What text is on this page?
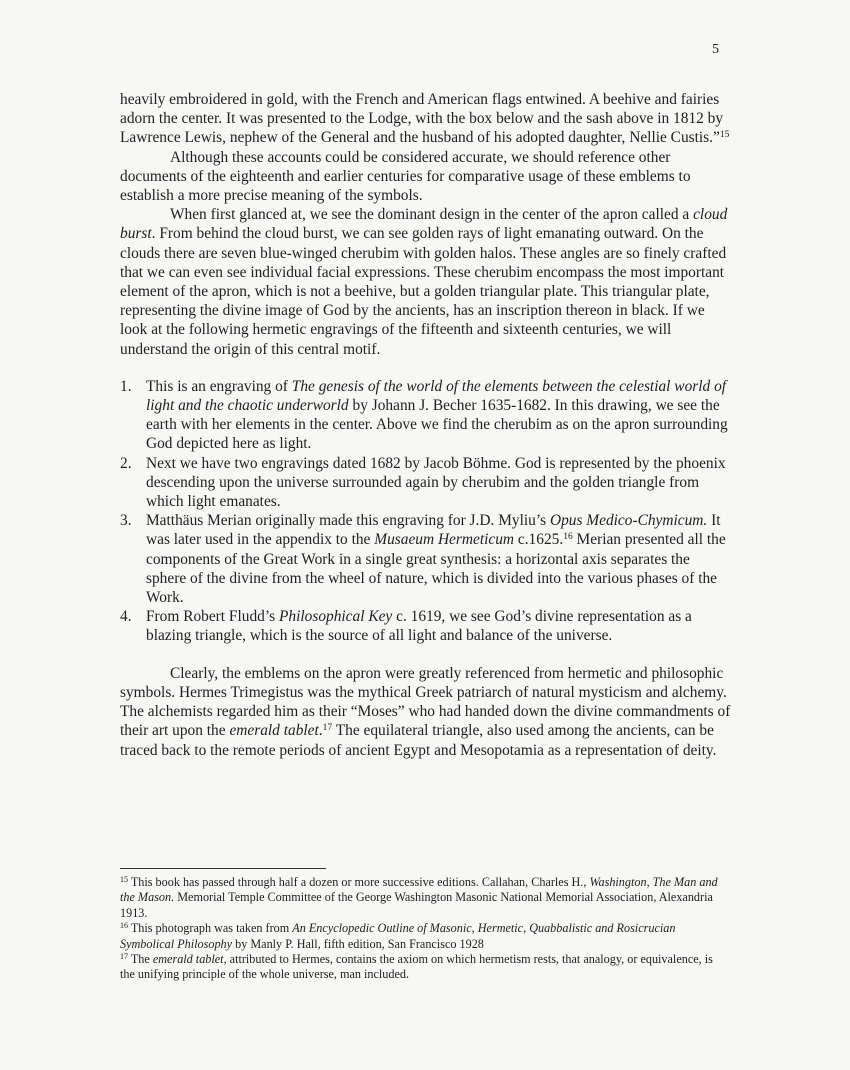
5

heavily embroidered in gold, with the French and American flags entwined. A beehive and fairies adorn the center. It was presented to the Lodge, with the box below and the sash above in 1812 by Lawrence Lewis, nephew of the General and the husband of his adopted daughter, Nellie Custis.”$^{15}$

Although these accounts could be considered accurate, we should reference other documents of the eighteenth and earlier centuries for comparative usage of these emblems to establish a more precise meaning of the symbols.

When first glanced at, we see the dominant design in the center of the apron called a cloud burst. From behind the cloud burst, we can see golden rays of light emanating outward. On the clouds there are seven blue-winged cherubim with golden halos. These angles are so finely crafted that we can even see individual facial expressions. These cherubim encompass the most important element of the apron, which is not a beehive, but a golden triangular plate. This triangular plate, representing the divine image of God by the ancients, has an inscription thereon in black. If we look at the following hermetic engravings of the fifteenth and sixteenth centuries, we will understand the origin of this central motif.

1. This is an engraving of The genesis of the world of the elements between the celestial world of light and the chaotic underworld by Johann J. Becher 1635-1682. In this drawing, we see the earth with her elements in the center. Above we find the cherubim as on the apron surrounding God depicted here as light.
2. Next we have two engravings dated 1682 by Jacob Böhme. God is represented by the phoenix descending upon the universe surrounded again by cherubim and the golden triangle from which light emanates.
3. Matthäus Merian originally made this engraving for J.D. Myliu’s Opus Medico-Chymicum. It was later used in the appendix to the Musaeum Hermeticum c.1625.16 Merian presented all the components of the Great Work in a single great synthesis: a horizontal axis separates the sphere of the divine from the wheel of nature, which is divided into the various phases of the Work.
4. From Robert Fludd’s Philosophical Key c. 1619, we see God’s divine representation as a blazing triangle, which is the source of all light and balance of the universe.

Clearly, the emblems on the apron were greatly referenced from hermetic and philosophic symbols. Hermes Trimegistus was the mythical Greek patriarch of natural mysticism and alchemy. The alchemists regarded him as their “Moses” who had handed down the divine commandments of their art upon the emerald tablet.$^{17}$ The equilateral triangle, also used among the ancients, can be traced back to the remote periods of ancient Egypt and Mesopotamia as a representation of deity.

$^{15}$ This book has passed through half a dozen or more successive editions. Callahan, Charles H., Washington, The Man and the Mason. Memorial Temple Committee of the George Washington Masonic National Memorial Association, Alexandria 1913.

$^{16}$ This photograph was taken from An Encyclopedic Outline of Masonic, Hermetic, Quabbalistic and Rosicrucian Symbolical Philosophy by Manly P. Hall, fifth edition, San Francisco 1928

$^{17}$ The emerald tablet, attributed to Hermes, contains the axiom on which hermetism rests, that analogy, or equivalence, is the unifying principle of the whole universe, man included.
